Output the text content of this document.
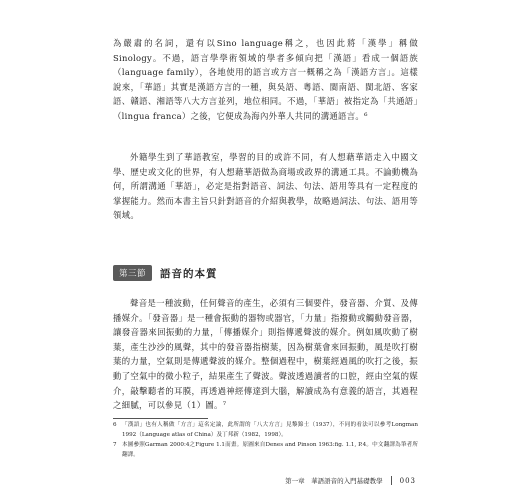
為嚴肅的名詞，還有以Sino language稱之，也因此將「漢學」稱做Sinology。不過，語言學學術領域的學者多傾向把「漢語」看成一個語族（language family），各地使用的語言或方言一概稱之為「漢語方言」。這樣說來，「華語」其實是漢語方言的一種，與吳語、粵語、閩南語、閩北語、客家語、贛語、湘語等八大方言並列，地位相同。不過，「華語」被指定為「共通語」（lingua franca）之後，它便成為海內外華人共同的溝通語言。⁶

外籍學生到了華語教室，學習的目的或許不同，有人想藉華語走入中國文學、歷史或文化的世界，有人想藉華語做為商場或政界的溝通工具。不論動機為何，所謂溝通「華語」，必定是指對語音、詞法、句法、語用等具有一定程度的掌握能力。然而本書主旨只針對語音的介紹與教學，故略過詞法、句法、語用等領域。

聲音是一種波動，任何聲音的產生，必須有三個要件，發音器、介質、及傳播媒介。「發音器」是一種會振動的器物或器官，「力量」指撥動或觸動發音器，讓發音器來回振動的力量，「傳播媒介」則指傳遞聲波的媒介。例如風吹動了樹葉，產生沙沙的風聲，其中的發音器指樹葉，因為樹葉會來回振動，風是吹打樹葉的力量，空氣則是傳遞聲波的媒介。整個過程中，樹葉經過風的吹打之後，振動了空氣中的微小粒子，結果產生了聲波。聲波透過讀者的口腔，經由空氣的媒介，敲擊聽者的耳膜，再透過神經傳達到大腦，解讀成為有意義的語言，其過程之細膩，可以參見（1）圖。⁷

第三節	語音的本質
6 「漢語」也有人稱做「方言」這名定論，此所謂的「八大方言」見黎錦士（1937），不同的看法可以參考Longman 1992（Language atlas of China）及丁邦新（1982，1998）。
7 本圖參照Garman 2000:4之Figure 1.1而畫。原圖來自Denes and Pinson 1963:fig. 1.1, P.4。中文翻譯為筆者所翻譯。
第一章　華語語音的入門基礎教學 003
